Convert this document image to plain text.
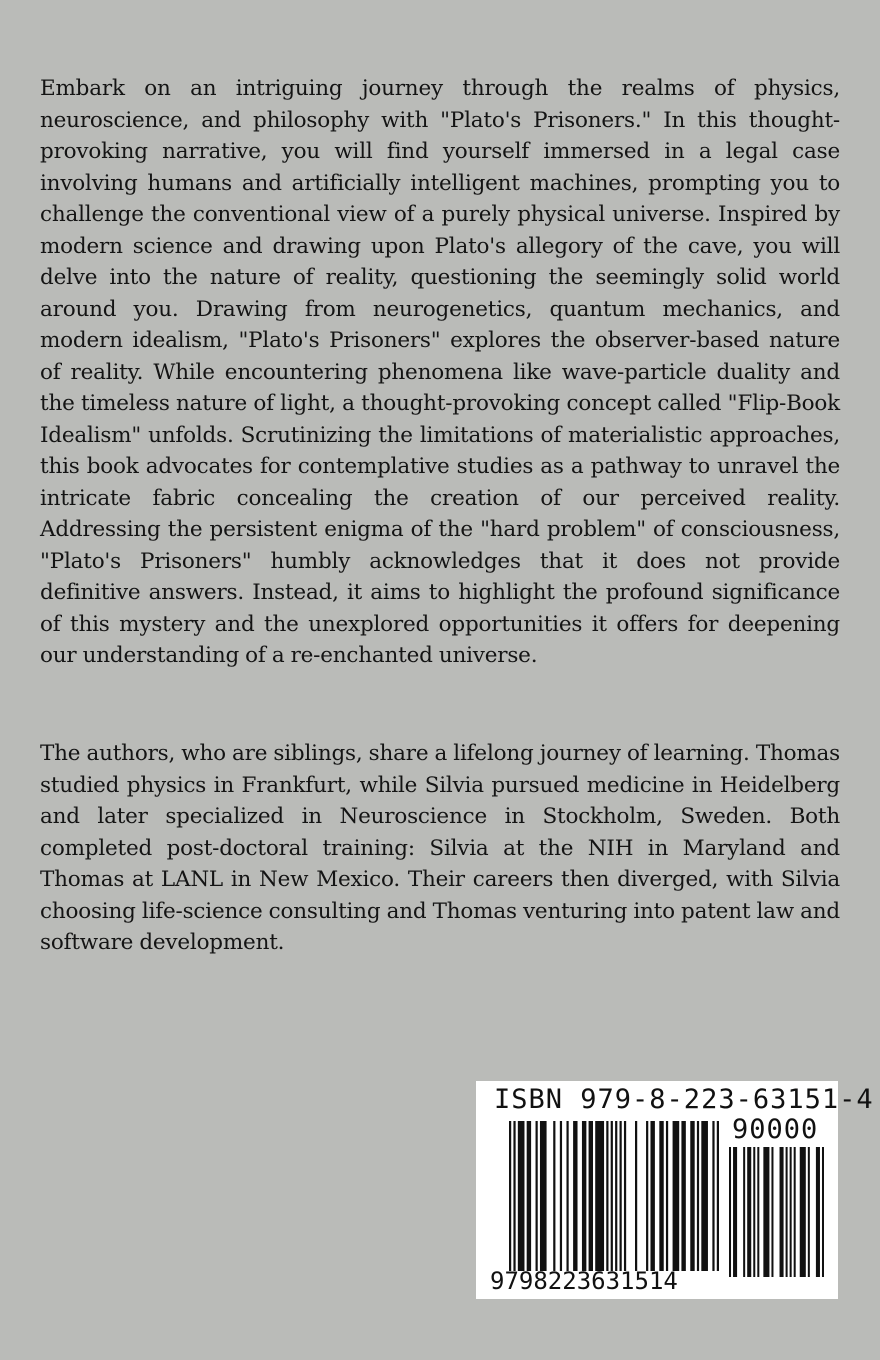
Embark on an intriguing journey through the realms of physics, neuroscience, and philosophy with "Plato's Prisoners." In this thought-provoking narrative, you will find yourself immersed in a legal case involving humans and artificially intelligent machines, prompting you to challenge the conventional view of a purely physical universe. Inspired by modern science and drawing upon Plato's allegory of the cave, you will delve into the nature of reality, questioning the seemingly solid world around you. Drawing from neurogenetics, quantum mechanics, and modern idealism, "Plato's Prisoners" explores the observer-based nature of reality. While encountering phenomena like wave-particle duality and the timeless nature of light, a thought-provoking concept called "Flip-Book Idealism" unfolds. Scrutinizing the limitations of materialistic approaches, this book advocates for contemplative studies as a pathway to unravel the intricate fabric concealing the creation of our perceived reality. Addressing the persistent enigma of the "hard problem" of consciousness, "Plato's Prisoners" humbly acknowledges that it does not provide definitive answers. Instead, it aims to highlight the profound significance of this mystery and the unexplored opportunities it offers for deepening our understanding of a re-enchanted universe.

The authors, who are siblings, share a lifelong journey of learning. Thomas studied physics in Frankfurt, while Silvia pursued medicine in Heidelberg and later specialized in Neuroscience in Stockholm, Sweden. Both completed post-doctoral training: Silvia at the NIH in Maryland and Thomas at LANL in New Mexico. Their careers then diverged, with Silvia choosing life-science consulting and Thomas venturing into patent law and software development.

ISBN 979-8-223-63151-4
90000
9798223631514
